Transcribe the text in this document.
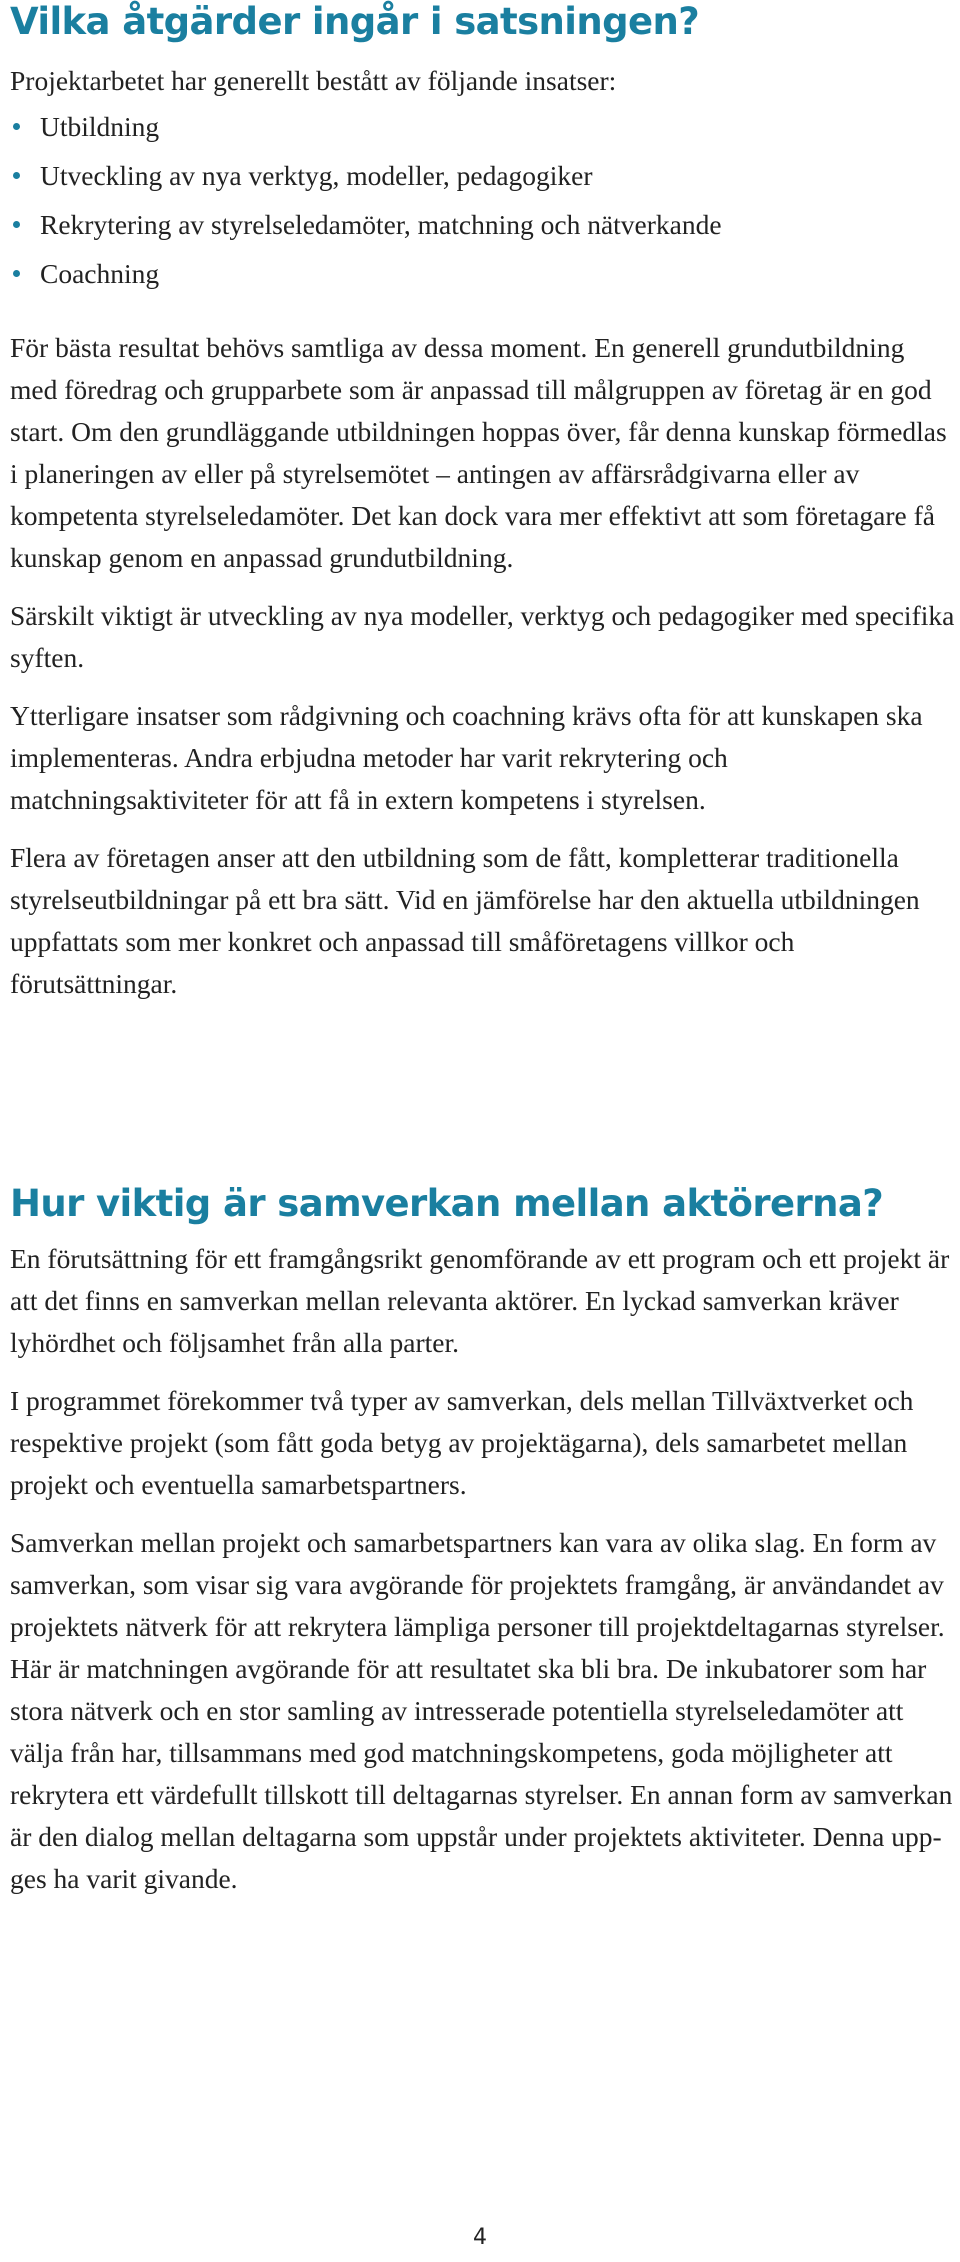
Vilka åtgärder ingår i satsningen?
Projektarbetet har generellt bestått av följande insatser:
Utbildning
Utveckling av nya verktyg, modeller, pedagogiker
Rekrytering av styrelseledamöter, matchning och nätverkande
Coachning

För bästa resultat behövs samtliga av dessa moment. En generell grundutbildning med föredrag och grupparbete som är anpassad till målgruppen av företag är en god start. Om den grundläggande utbildningen hoppas över, får denna kunskap förmedlas i planeringen av eller på styrelsemötet – antingen av affärsrådgivarna eller av kompetenta styrelseledamöter. Det kan dock vara mer effektivt att som företagare få kunskap genom en anpassad grundutbildning.

Särskilt viktigt är utveckling av nya modeller, verktyg och pedagogiker med specifika syften.

Ytterligare insatser som rådgivning och coachning krävs ofta för att kunskapen ska implementeras. Andra erbjudna metoder har varit rekrytering och matchningsaktiviteter för att få in extern kompetens i styrelsen.

Flera av företagen anser att den utbildning som de fått, kompletterar traditionella styrelseutbildningar på ett bra sätt. Vid en jämförelse har den aktuella utbildningen uppfattats som mer konkret och anpassad till småföretagens villkor och förutsättningar.

Hur viktig är samverkan mellan aktörerna?

En förutsättning för ett framgångsrikt genomförande av ett program och ett projekt är att det finns en samverkan mellan relevanta aktörer. En lyckad samverkan kräver lyhördhet och följsamhet från alla parter.

I programmet förekommer två typer av samverkan, dels mellan Tillväxtverket och respektive projekt (som fått goda betyg av projektägarna), dels samarbetet mellan projekt och eventuella samarbetspartners.

Samverkan mellan projekt och samarbetspartners kan vara av olika slag. En form av samverkan, som visar sig vara avgörande för projektets framgång, är användandet av projektets nätverk för att rekrytera lämpliga personer till projektdeltagarnas styrelser. Här är matchningen avgörande för att resultatet ska bli bra. De inkubatorer som har stora nätverk och en stor samling av intresserade potentiella styrelseledamöter att välja från har, tillsammans med god matchningskompetens, goda möjligheter att rekrytera ett värdefullt tillskott till deltagarnas styrelser. En annan form av samverkan är den dialog mellan deltagarna som uppstår under projektets aktiviteter. Denna uppges ha varit givande.

4
